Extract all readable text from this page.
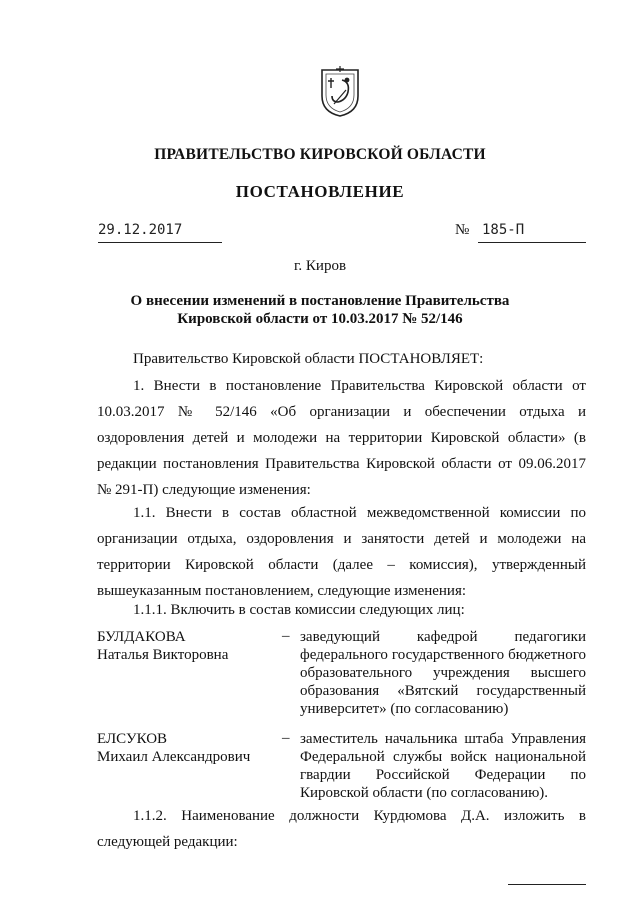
ПРАВИТЕЛЬСТВО КИРОВСКОЙ ОБЛАСТИ
ПОСТАНОВЛЕНИЕ
29.12.2017	№ 185-П
г. Киров
О внесении изменений в постановление Правительства
Кировской области от 10.03.2017 № 52/146
Правительство Кировской области ПОСТАНОВЛЯЕТ:
1. Внести в постановление Правительства Кировской области от 10.03.2017 № 52/146 «Об организации и обеспечении отдыха и оздоровления детей и молодежи на территории Кировской области» (в редакции постановления Правительства Кировской области от 09.06.2017 № 291-П) следующие изменения:
1.1. Внести в состав областной межведомственной комиссии по организации отдыха, оздоровления и занятости детей и молодежи на территории Кировской области (далее – комиссия), утвержденный вышеуказанным постановлением, следующие изменения:
1.1.1. Включить в состав комиссии следующих лиц:
БУЛДАКОВА
Наталья Викторовна
– заведующий кафедрой педагогики федерального государственного бюджетного образовательного учреждения высшего образования «Вятский государственный университет» (по согласованию)
ЕЛСУКОВ
Михаил Александрович
– заместитель начальника штаба Управления Федеральной службы войск национальной гвардии Российской Федерации по Кировской области (по согласованию).
1.1.2. Наименование должности Курдюмова Д.А. изложить в следующей редакции:
